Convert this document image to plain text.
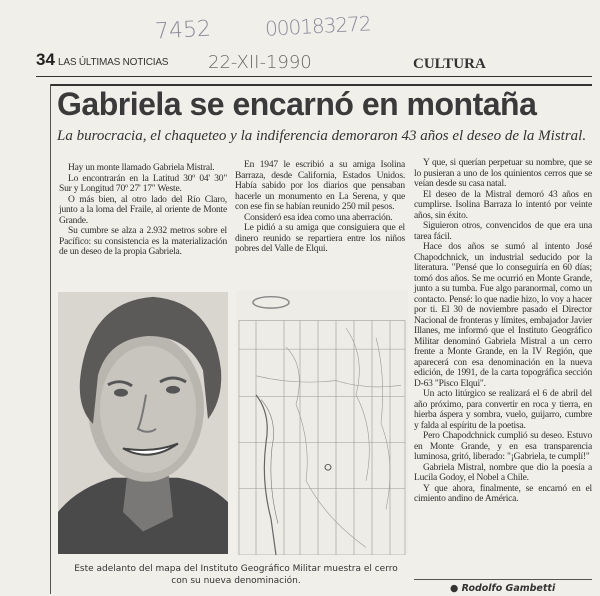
7452	000183272
22-XII-1990
34 LAS ÚLTIMAS NOTICIAS	CULTURA
Gabriela se encarnó en montaña
La burocracia, el chaqueteo y la indiferencia demoraron 43 años el deseo de la Mistral.

Hay un monte llamado Gabriela Mistral.

Lo encontrarán en la Latitud 30º 04' 30" Sur y Longitud 70º 27' 17" Weste.

O más bien, al otro lado del Río Claro, junto a la loma del Fraile, al oriente de Monte Grande.

Su cumbre se alza a 2.932 metros sobre el Pacífico: su consistencia es la materialización de un deseo de la propia Gabriela.

En 1947 le escribió a su amiga Isolina Barraza, desde California, Estados Unidos. Había sabido por los diarios que pensaban hacerle un monumento en La Serena, y que con ese fin se habían reunido 250 mil pesos.

Consideró esa idea como una aberración.

Le pidió a su amiga que consiguiera que el dinero reunido se repartiera entre los niños pobres del Valle de Elqui.

Y que, si querían perpetuar su nombre, que se lo pusieran a uno de los quinientos cerros que se veían desde su casa natal.

El deseo de la Mistral demoró 43 años en cumplirse. Isolina Barraza lo intentó por veinte años, sin éxito.

Siguieron otros, convencidos de que era una tarea fácil.

Hace dos años se sumó al intento José Chapodchnick, un industrial seducido por la literatura. "Pensé que lo conseguiría en 60 días; tomó dos años. Se me ocurrió en Monte Grande, junto a su tumba. Fue algo paranormal, como un contacto. Pensé: lo que nadie hizo, lo voy a hacer por ti. El 30 de noviembre pasado el Director Nacional de fronteras y límites, embajador Javier Illanes, me informó que el Instituto Geográfico Militar denominó Gabriela Mistral a un cerro frente a Monte Grande, en la IV Región, que aparecerá con esa denominación en la nueva edición, de 1991, de la carta topográfica sección D-63 "Pisco Elqui".

Un acto litúrgico se realizará el 6 de abril del año próximo, para convertir en roca y tierra, en hierba áspera y sombra, vuelo, guijarro, cumbre y falda al espíritu de la poetisa.

Pero Chapodchnick cumplió su deseo. Estuvo en Monte Grande, y en esa transparencia luminosa, gritó, liberado: "¡Gabriela, te cumplí!"

Gabriela Mistral, nombre que dio la poesía a Lucila Godoy, el Nobel a Chile.

Y que ahora, finalmente, se encarnó en el cimiento andino de América.

● Rodolfo Gambetti
Este adelanto del mapa del Instituto Geográfico Militar muestra el cerro con su nueva denominación.
